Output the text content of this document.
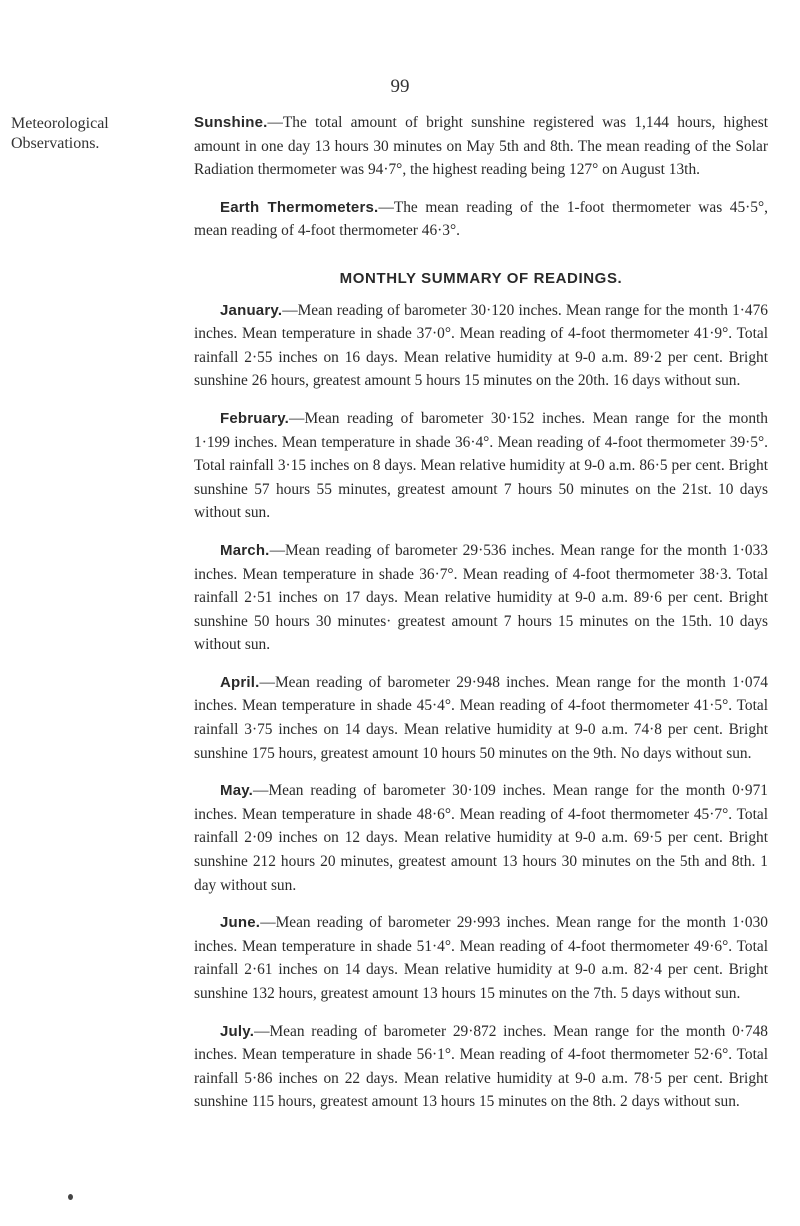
99
Meteorological Observations.

Sunshine.—The total amount of bright sunshine registered was 1,144 hours, highest amount in one day 13 hours 30 minutes on May 5th and 8th. The mean reading of the Solar Radiation thermometer was 94·7°, the highest reading being 127° on August 13th.

Earth Thermometers.—The mean reading of the 1-foot thermometer was 45·5°, mean reading of 4-foot thermometer 46·3°.

MONTHLY SUMMARY OF READINGS.

January.—Mean reading of barometer 30·120 inches. Mean range for the month 1·476 inches. Mean temperature in shade 37·0°. Mean reading of 4-foot thermometer 41·9°. Total rainfall 2·55 inches on 16 days. Mean relative humidity at 9-0 a.m. 89·2 per cent. Bright sunshine 26 hours, greatest amount 5 hours 15 minutes on the 20th. 16 days without sun.

February.—Mean reading of barometer 30·152 inches. Mean range for the month 1·199 inches. Mean temperature in shade 36·4°. Mean reading of 4-foot thermometer 39·5°. Total rainfall 3·15 inches on 8 days. Mean relative humidity at 9-0 a.m. 86·5 per cent. Bright sunshine 57 hours 55 minutes, greatest amount 7 hours 50 minutes on the 21st. 10 days without sun.

March.—Mean reading of barometer 29·536 inches. Mean range for the month 1·033 inches. Mean temperature in shade 36·7°. Mean reading of 4-foot thermometer 38·3. Total rainfall 2·51 inches on 17 days. Mean relative humidity at 9-0 a.m. 89·6 per cent. Bright sunshine 50 hours 30 minutes· greatest amount 7 hours 15 minutes on the 15th. 10 days without sun.

April.—Mean reading of barometer 29·948 inches. Mean range for the month 1·074 inches. Mean temperature in shade 45·4°. Mean reading of 4-foot thermometer 41·5°. Total rainfall 3·75 inches on 14 days. Mean relative humidity at 9-0 a.m. 74·8 per cent. Bright sunshine 175 hours, greatest amount 10 hours 50 minutes on the 9th. No days without sun.

May.—Mean reading of barometer 30·109 inches. Mean range for the month 0·971 inches. Mean temperature in shade 48·6°. Mean reading of 4-foot thermometer 45·7°. Total rainfall 2·09 inches on 12 days. Mean relative humidity at 9-0 a.m. 69·5 per cent. Bright sunshine 212 hours 20 minutes, greatest amount 13 hours 30 minutes on the 5th and 8th. 1 day without sun.

June.—Mean reading of barometer 29·993 inches. Mean range for the month 1·030 inches. Mean temperature in shade 51·4°. Mean reading of 4-foot thermometer 49·6°. Total rainfall 2·61 inches on 14 days. Mean relative humidity at 9-0 a.m. 82·4 per cent. Bright sunshine 132 hours, greatest amount 13 hours 15 minutes on the 7th. 5 days without sun.

July.—Mean reading of barometer 29·872 inches. Mean range for the month 0·748 inches. Mean temperature in shade 56·1°. Mean reading of 4-foot thermometer 52·6°. Total rainfall 5·86 inches on 22 days. Mean relative humidity at 9-0 a.m. 78·5 per cent. Bright sunshine 115 hours, greatest amount 13 hours 15 minutes on the 8th. 2 days without sun.
